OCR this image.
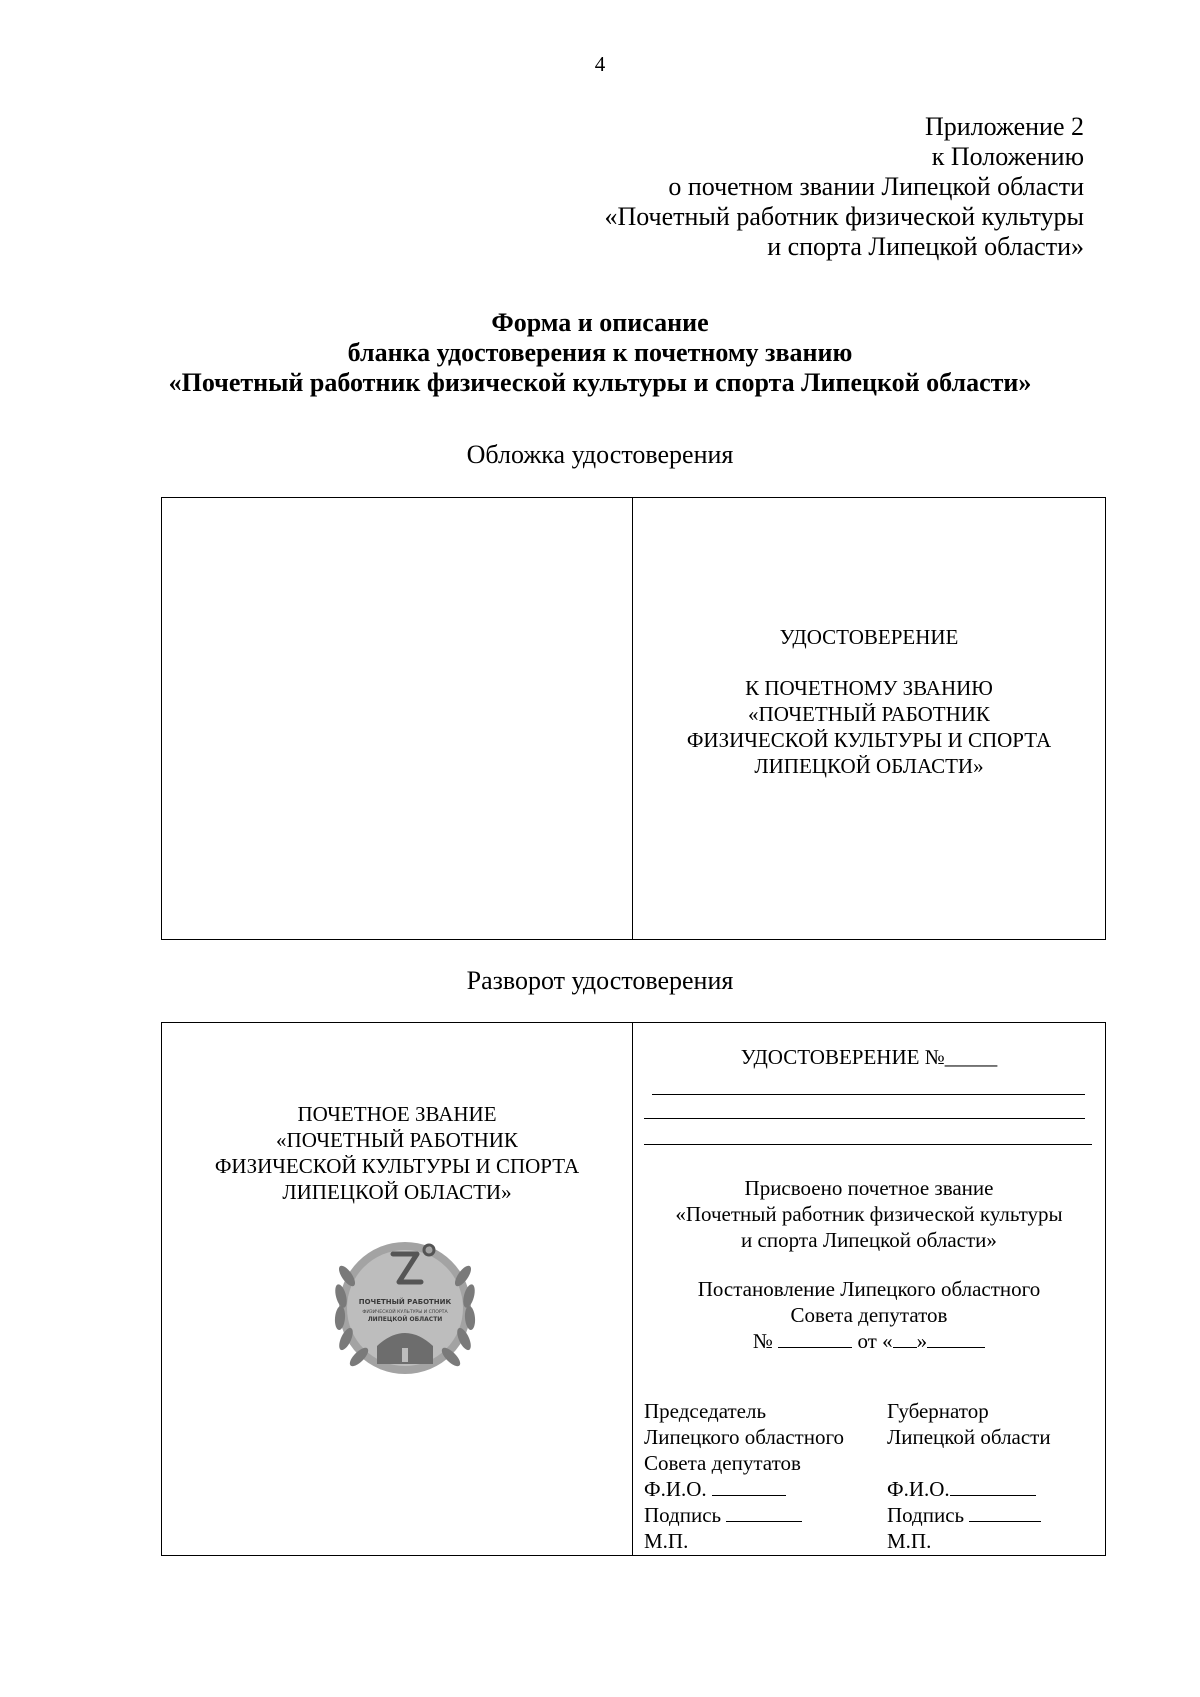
4
Приложение 2
к Положению
о почетном звании Липецкой области
«Почетный работник физической культуры
и спорта Липецкой области»
Форма и описание
бланка удостоверения к почетному званию
«Почетный работник физической культуры и спорта Липецкой области»
Обложка удостоверения
УДОСТОВЕРЕНИЕ
К ПОЧЕТНОМУ ЗВАНИЮ
«ПОЧЕТНЫЙ РАБОТНИК
ФИЗИЧЕСКОЙ КУЛЬТУРЫ И СПОРТА
ЛИПЕЦКОЙ ОБЛАСТИ»
Разворот удостоверения
ПОЧЕТНОЕ ЗВАНИЕ
«ПОЧЕТНЫЙ РАБОТНИК
ФИЗИЧЕСКОЙ КУЛЬТУРЫ И СПОРТА
ЛИПЕЦКОЙ ОБЛАСТИ»
ПОЧЕТНЫЙ РАБОТНИК
ФИЗИЧЕСКОЙ КУЛЬТУРЫ И СПОРТА
ЛИПЕЦКОЙ ОБЛАСТИ
УДОСТОВЕРЕНИЕ №_____
Присвоено почетное звание
«Почетный работник физической культуры
и спорта Липецкой области»
Постановление Липецкого областного
Совета депутатов
№	от « »
Председатель
Липецкого областного
Совета депутатов
Ф.И.О.
Подпись
М.П.
Губернатор
Липецкой области
Ф.И.О.
Подпись
М.П.
